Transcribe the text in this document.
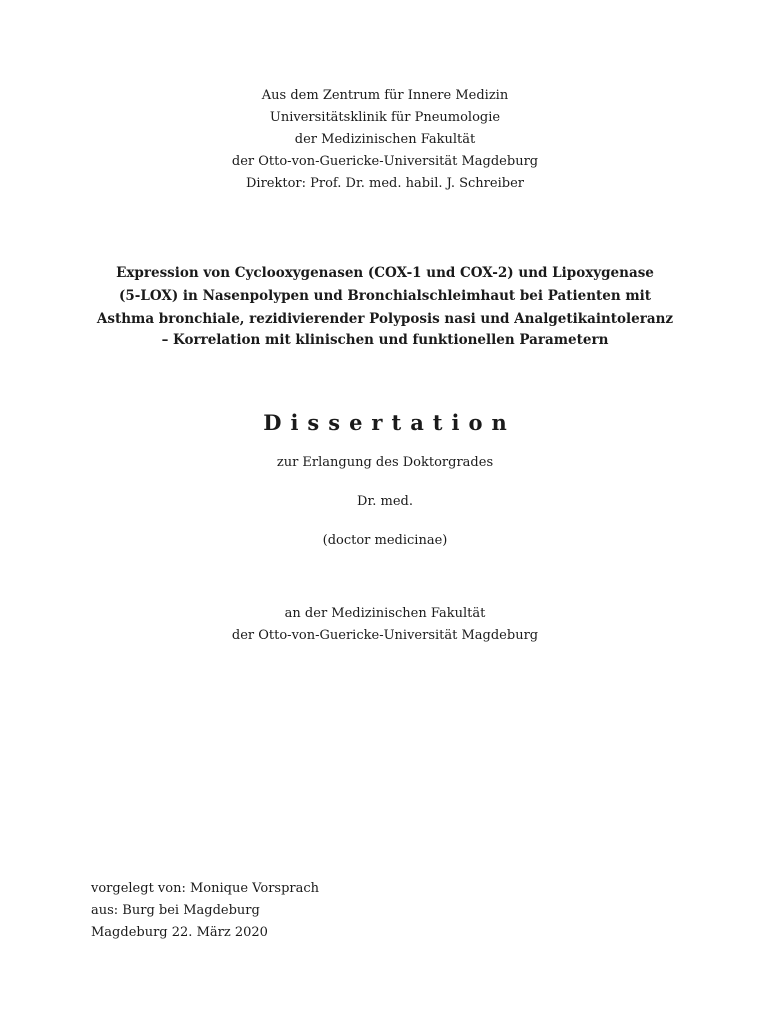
Aus dem Zentrum für Innere Medizin
Universitätsklinik für Pneumologie
der Medizinischen Fakultät
der Otto-von-Guericke-Universität Magdeburg
Direktor: Prof. Dr. med. habil. J. Schreiber
Expression von Cyclooxygenasen (COX-1 und COX-2) und Lipoxygenase
(5-LOX) in Nasenpolypen und Bronchialschleimhaut bei Patienten mit
Asthma bronchiale, rezidivierender Polyposis nasi und Analgetikaintoleranz
– Korrelation mit klinischen und funktionellen Parametern
Dissertation
zur Erlangung des Doktorgrades
Dr. med.
(doctor medicinae)
an der Medizinischen Fakultät
der Otto-von-Guericke-Universität Magdeburg
vorgelegt von: Monique Vorsprach
aus: Burg bei Magdeburg
Magdeburg 22. März 2020
